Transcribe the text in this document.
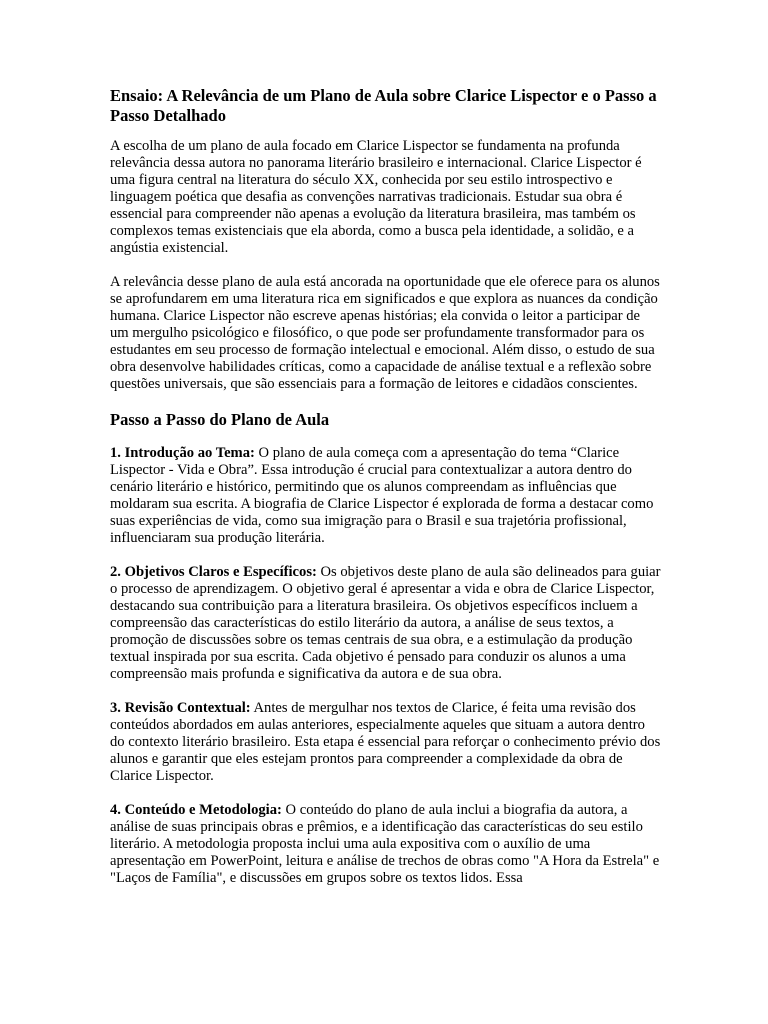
Ensaio: A Relevância de um Plano de Aula sobre Clarice Lispector e o Passo a Passo Detalhado

A escolha de um plano de aula focado em Clarice Lispector se fundamenta na profunda relevância dessa autora no panorama literário brasileiro e internacional. Clarice Lispector é uma figura central na literatura do século XX, conhecida por seu estilo introspectivo e linguagem poética que desafia as convenções narrativas tradicionais. Estudar sua obra é essencial para compreender não apenas a evolução da literatura brasileira, mas também os complexos temas existenciais que ela aborda, como a busca pela identidade, a solidão, e a angústia existencial.

A relevância desse plano de aula está ancorada na oportunidade que ele oferece para os alunos se aprofundarem em uma literatura rica em significados e que explora as nuances da condição humana. Clarice Lispector não escreve apenas histórias; ela convida o leitor a participar de um mergulho psicológico e filosófico, o que pode ser profundamente transformador para os estudantes em seu processo de formação intelectual e emocional. Além disso, o estudo de sua obra desenvolve habilidades críticas, como a capacidade de análise textual e a reflexão sobre questões universais, que são essenciais para a formação de leitores e cidadãos conscientes.

Passo a Passo do Plano de Aula

1. Introdução ao Tema: O plano de aula começa com a apresentação do tema “Clarice Lispector - Vida e Obra”. Essa introdução é crucial para contextualizar a autora dentro do cenário literário e histórico, permitindo que os alunos compreendam as influências que moldaram sua escrita. A biografia de Clarice Lispector é explorada de forma a destacar como suas experiências de vida, como sua imigração para o Brasil e sua trajetória profissional, influenciaram sua produção literária.

2. Objetivos Claros e Específicos: Os objetivos deste plano de aula são delineados para guiar o processo de aprendizagem. O objetivo geral é apresentar a vida e obra de Clarice Lispector, destacando sua contribuição para a literatura brasileira. Os objetivos específicos incluem a compreensão das características do estilo literário da autora, a análise de seus textos, a promoção de discussões sobre os temas centrais de sua obra, e a estimulação da produção textual inspirada por sua escrita. Cada objetivo é pensado para conduzir os alunos a uma compreensão mais profunda e significativa da autora e de sua obra.

3. Revisão Contextual: Antes de mergulhar nos textos de Clarice, é feita uma revisão dos conteúdos abordados em aulas anteriores, especialmente aqueles que situam a autora dentro do contexto literário brasileiro. Esta etapa é essencial para reforçar o conhecimento prévio dos alunos e garantir que eles estejam prontos para compreender a complexidade da obra de Clarice Lispector.

4. Conteúdo e Metodologia: O conteúdo do plano de aula inclui a biografia da autora, a análise de suas principais obras e prêmios, e a identificação das características do seu estilo literário. A metodologia proposta inclui uma aula expositiva com o auxílio de uma apresentação em PowerPoint, leitura e análise de trechos de obras como "A Hora da Estrela" e "Laços de Família", e discussões em grupos sobre os textos lidos. Essa
